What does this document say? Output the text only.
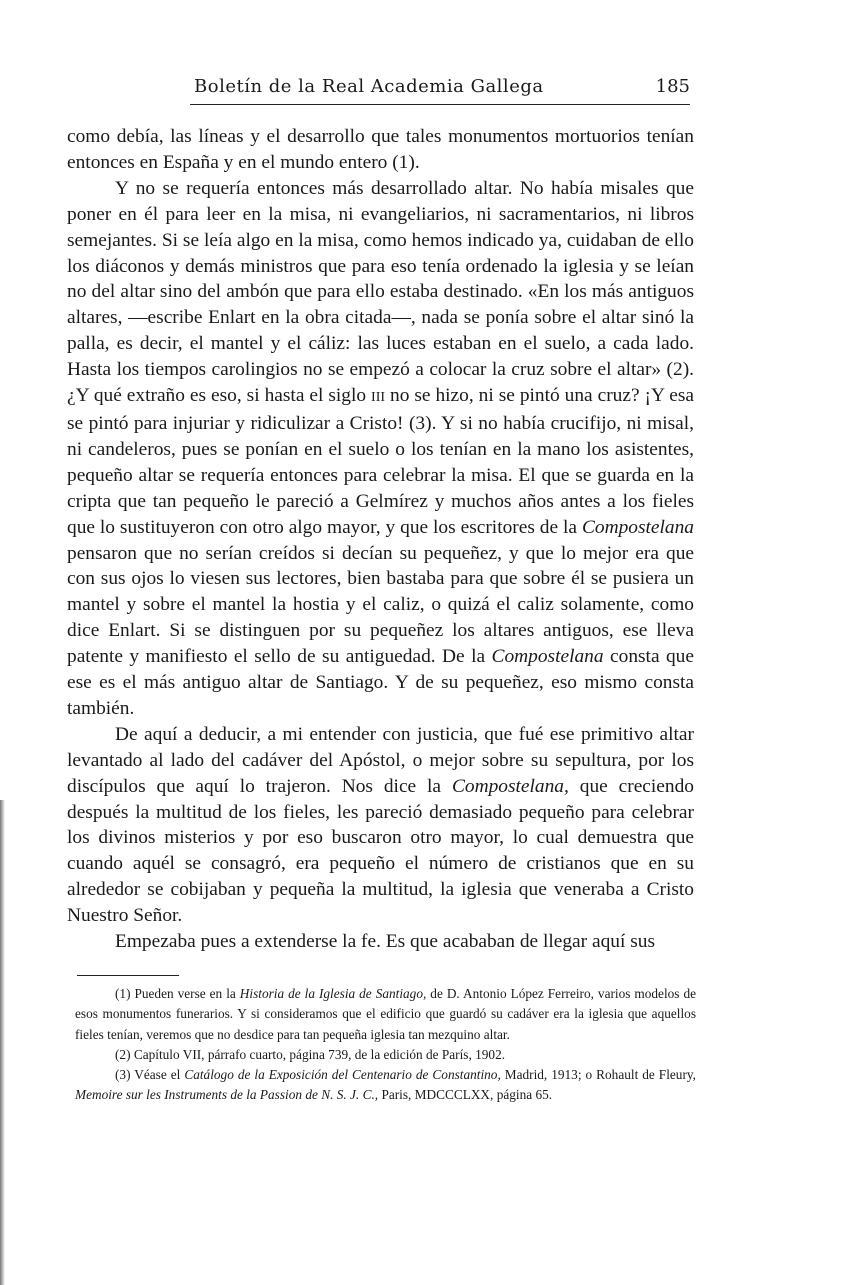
Boletín de la Real Academia Gallega	185

como debía, las líneas y el desarrollo que tales monumentos mortuorios tenían entonces en España y en el mundo entero (1).

Y no se requería entonces más desarrollado altar. No había misales que poner en él para leer en la misa, ni evangeliarios, ni sacramentarios, ni libros semejantes. Si se leía algo en la misa, como hemos indicado ya, cuidaban de ello los diáconos y demás ministros que para eso tenía ordenado la iglesia y se leían no del altar sino del ambón que para ello estaba destinado. «En los más antiguos altares, —escribe Enlart en la obra citada—, nada se ponía sobre el altar sinó la palla, es decir, el mantel y el cáliz: las luces estaban en el suelo, a cada lado. Hasta los tiempos carolingios no se empezó a colocar la cruz sobre el altar» (2). ¿Y qué extraño es eso, si hasta el siglo III no se hizo, ni se pintó una cruz? ¡Y esa se pintó para injuriar y ridiculizar a Cristo! (3). Y si no había crucifijo, ni misal, ni candeleros, pues se ponían en el suelo o los tenían en la mano los asistentes, pequeño altar se requería entonces para celebrar la misa. El que se guarda en la cripta que tan pequeño le pareció a Gelmírez y muchos años antes a los fieles que lo sustituyeron con otro algo mayor, y que los escritores de la Compostelana pensaron que no serían creídos si decían su pequeñez, y que lo mejor era que con sus ojos lo viesen sus lectores, bien bastaba para que sobre él se pusiera un mantel y sobre el mantel la hostia y el caliz, o quizá el caliz solamente, como dice Enlart. Si se distinguen por su pequeñez los altares antiguos, ese lleva patente y manifiesto el sello de su antiguedad. De la Compostelana consta que ese es el más antiguo altar de Santiago. Y de su pequeñez, eso mismo consta también.

De aquí a deducir, a mi entender con justicia, que fué ese primitivo altar levantado al lado del cadáver del Apóstol, o mejor sobre su sepultura, por los discípulos que aquí lo trajeron. Nos dice la Compostelana, que creciendo después la multitud de los fieles, les pareció demasiado pequeño para celebrar los divinos misterios y por eso buscaron otro mayor, lo cual demuestra que cuando aquél se consagró, era pequeño el número de cristianos que en su alrededor se cobijaban y pequeña la multitud, la iglesia que veneraba a Cristo Nuestro Señor.

Empezaba pues a extenderse la fe. Es que acababan de llegar aquí sus

(1) Pueden verse en la Historia de la Iglesia de Santiago, de D. Antonio López Ferreiro, varios modelos de esos monumentos funerarios. Y si consideramos que el edificio que guardó su cadáver era la iglesia que aquellos fieles tenían, veremos que no desdice para tan pequeña iglesia tan mezquino altar.

(2) Capítulo VII, párrafo cuarto, página 739, de la edición de París, 1902.

(3) Véase el Catálogo de la Exposición del Centenario de Constantino, Madrid, 1913; o Rohault de Fleury, Memoire sur les Instruments de la Passion de N. S. J. C., Paris, MDCCCLXX, página 65.
